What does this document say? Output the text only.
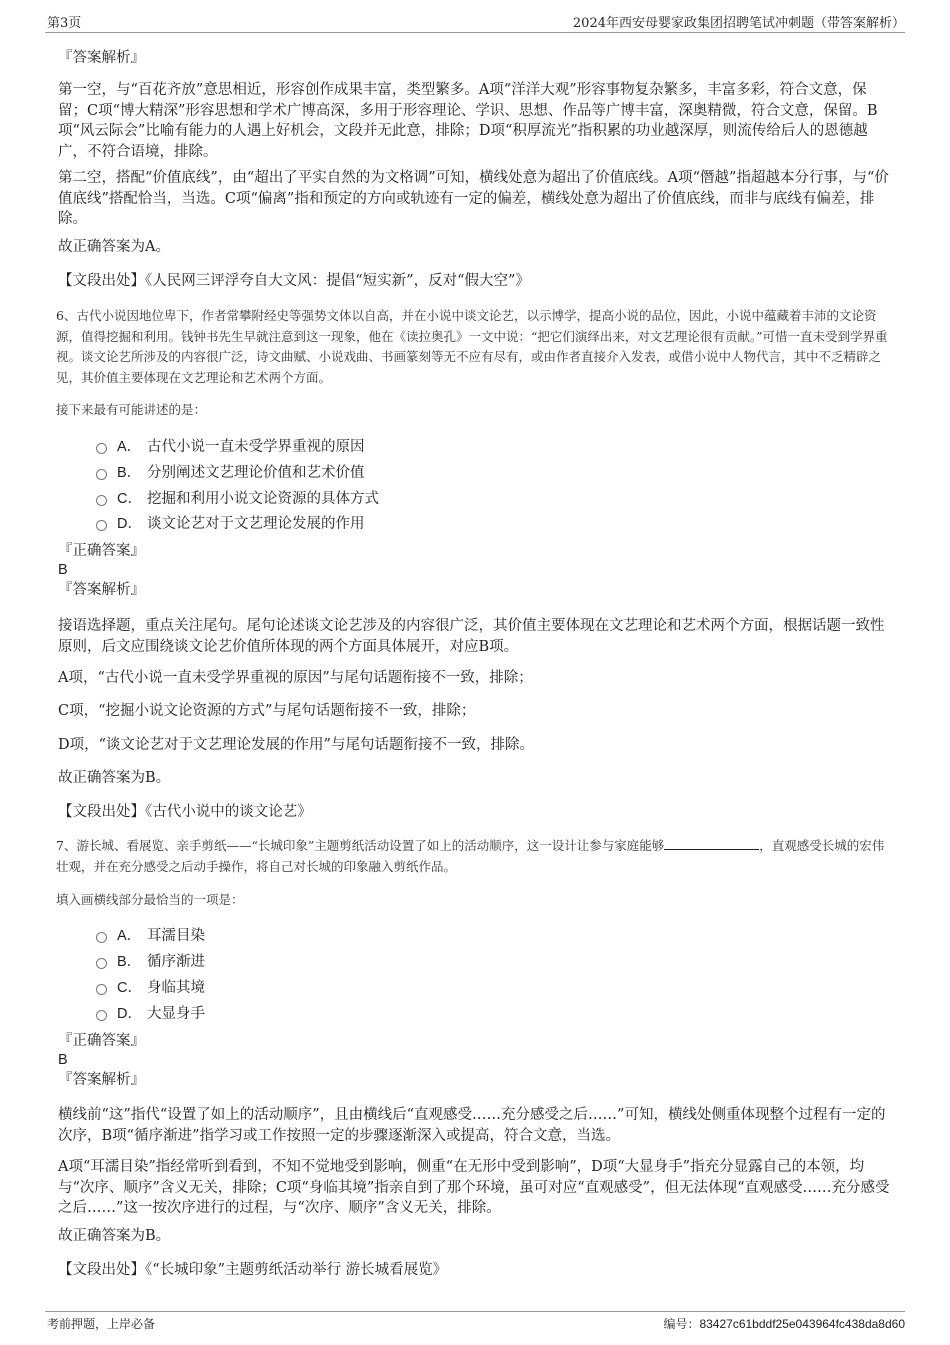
第3页	2024年西安母婴家政集团招聘笔试冲刺题（带答案解析）
『答案解析』
第一空，与“百花齐放”意思相近，形容创作成果丰富，类型繁多。A项“洋洋大观”形容事物复杂繁多，丰富多彩，符合文意，保留；C项“博大精深”形容思想和学术广博高深，多用于形容理论、学识、思想、作品等广博丰富，深奥精微，符合文意，保留。B项“风云际会”比喻有能力的人遇上好机会，文段并无此意，排除；D项“积厚流光”指积累的功业越深厚，则流传给后人的恩德越广，不符合语境，排除。
第二空，搭配“价值底线”，由“超出了平实自然的为文格调”可知，横线处意为超出了价值底线。A项“僭越”指超越本分行事，与“价值底线”搭配恰当，当选。C项“偏离”指和预定的方向或轨迹有一定的偏差，横线处意为超出了价值底线，而非与底线有偏差，排除。
故正确答案为A。
【文段出处】《人民网三评浮夸自大文风：提倡“短实新”，反对“假大空”》
6、古代小说因地位卑下，作者常攀附经史等强势文体以自高，并在小说中谈文论艺，以示博学，提高小说的品位，因此，小说中蕴藏着丰沛的文论资源，值得挖掘和利用。钱钟书先生早就注意到这一现象，他在《读拉奥孔》一文中说：“把它们演绎出来，对文艺理论很有贡献。”可惜一直未受到学界重视。谈文论艺所涉及的内容很广泛，诗文曲赋、小说戏曲、书画篆刻等无不应有尽有，或由作者直接介入发表，或借小说中人物代言，其中不乏精辟之见，其价值主要体现在文艺理论和艺术两个方面。
接下来最有可能讲述的是：
A． 古代小说一直未受学界重视的原因
B． 分别阐述文艺理论价值和艺术价值
C． 挖掘和利用小说文论资源的具体方式
D． 谈文论艺对于文艺理论发展的作用
『正确答案』
B
『答案解析』
接语选择题，重点关注尾句。尾句论述谈文论艺涉及的内容很广泛，其价值主要体现在文艺理论和艺术两个方面，根据话题一致性原则，后文应围绕谈文论艺价值所体现的两个方面具体展开，对应B项。
A项，“古代小说一直未受学界重视的原因”与尾句话题衔接不一致，排除；
C项，“挖掘小说文论资源的方式”与尾句话题衔接不一致，排除；
D项，“谈文论艺对于文艺理论发展的作用”与尾句话题衔接不一致，排除。
故正确答案为B。
【文段出处】《古代小说中的谈文论艺》
7、游长城、看展览、亲手剪纸——“长城印象”主题剪纸活动设置了如上的活动顺序，这一设计让参与家庭能够	，直观感受长城的宏伟壮观，并在充分感受之后动手操作，将自己对长城的印象融入剪纸作品。
填入画横线部分最恰当的一项是：
A． 耳濡目染
B． 循序渐进
C． 身临其境
D． 大显身手
『正确答案』
B
『答案解析』
横线前“这”指代“设置了如上的活动顺序”，且由横线后“直观感受……充分感受之后……”可知，横线处侧重体现整个过程有一定的次序，B项“循序渐进”指学习或工作按照一定的步骤逐渐深入或提高，符合文意，当选。
A项“耳濡目染”指经常听到看到，不知不觉地受到影响，侧重“在无形中受到影响”，D项“大显身手”指充分显露自己的本领，均与“次序、顺序”含义无关，排除；C项“身临其境”指亲自到了那个环境，虽可对应“直观感受”，但无法体现“直观感受……充分感受之后……”这一按次序进行的过程，与“次序、顺序”含义无关，排除。
故正确答案为B。
【文段出处】《“长城印象”主题剪纸活动举行 游长城看展览》
考前押题，上岸必备	编号：83427c61bddf25e043964fc438da8d60
